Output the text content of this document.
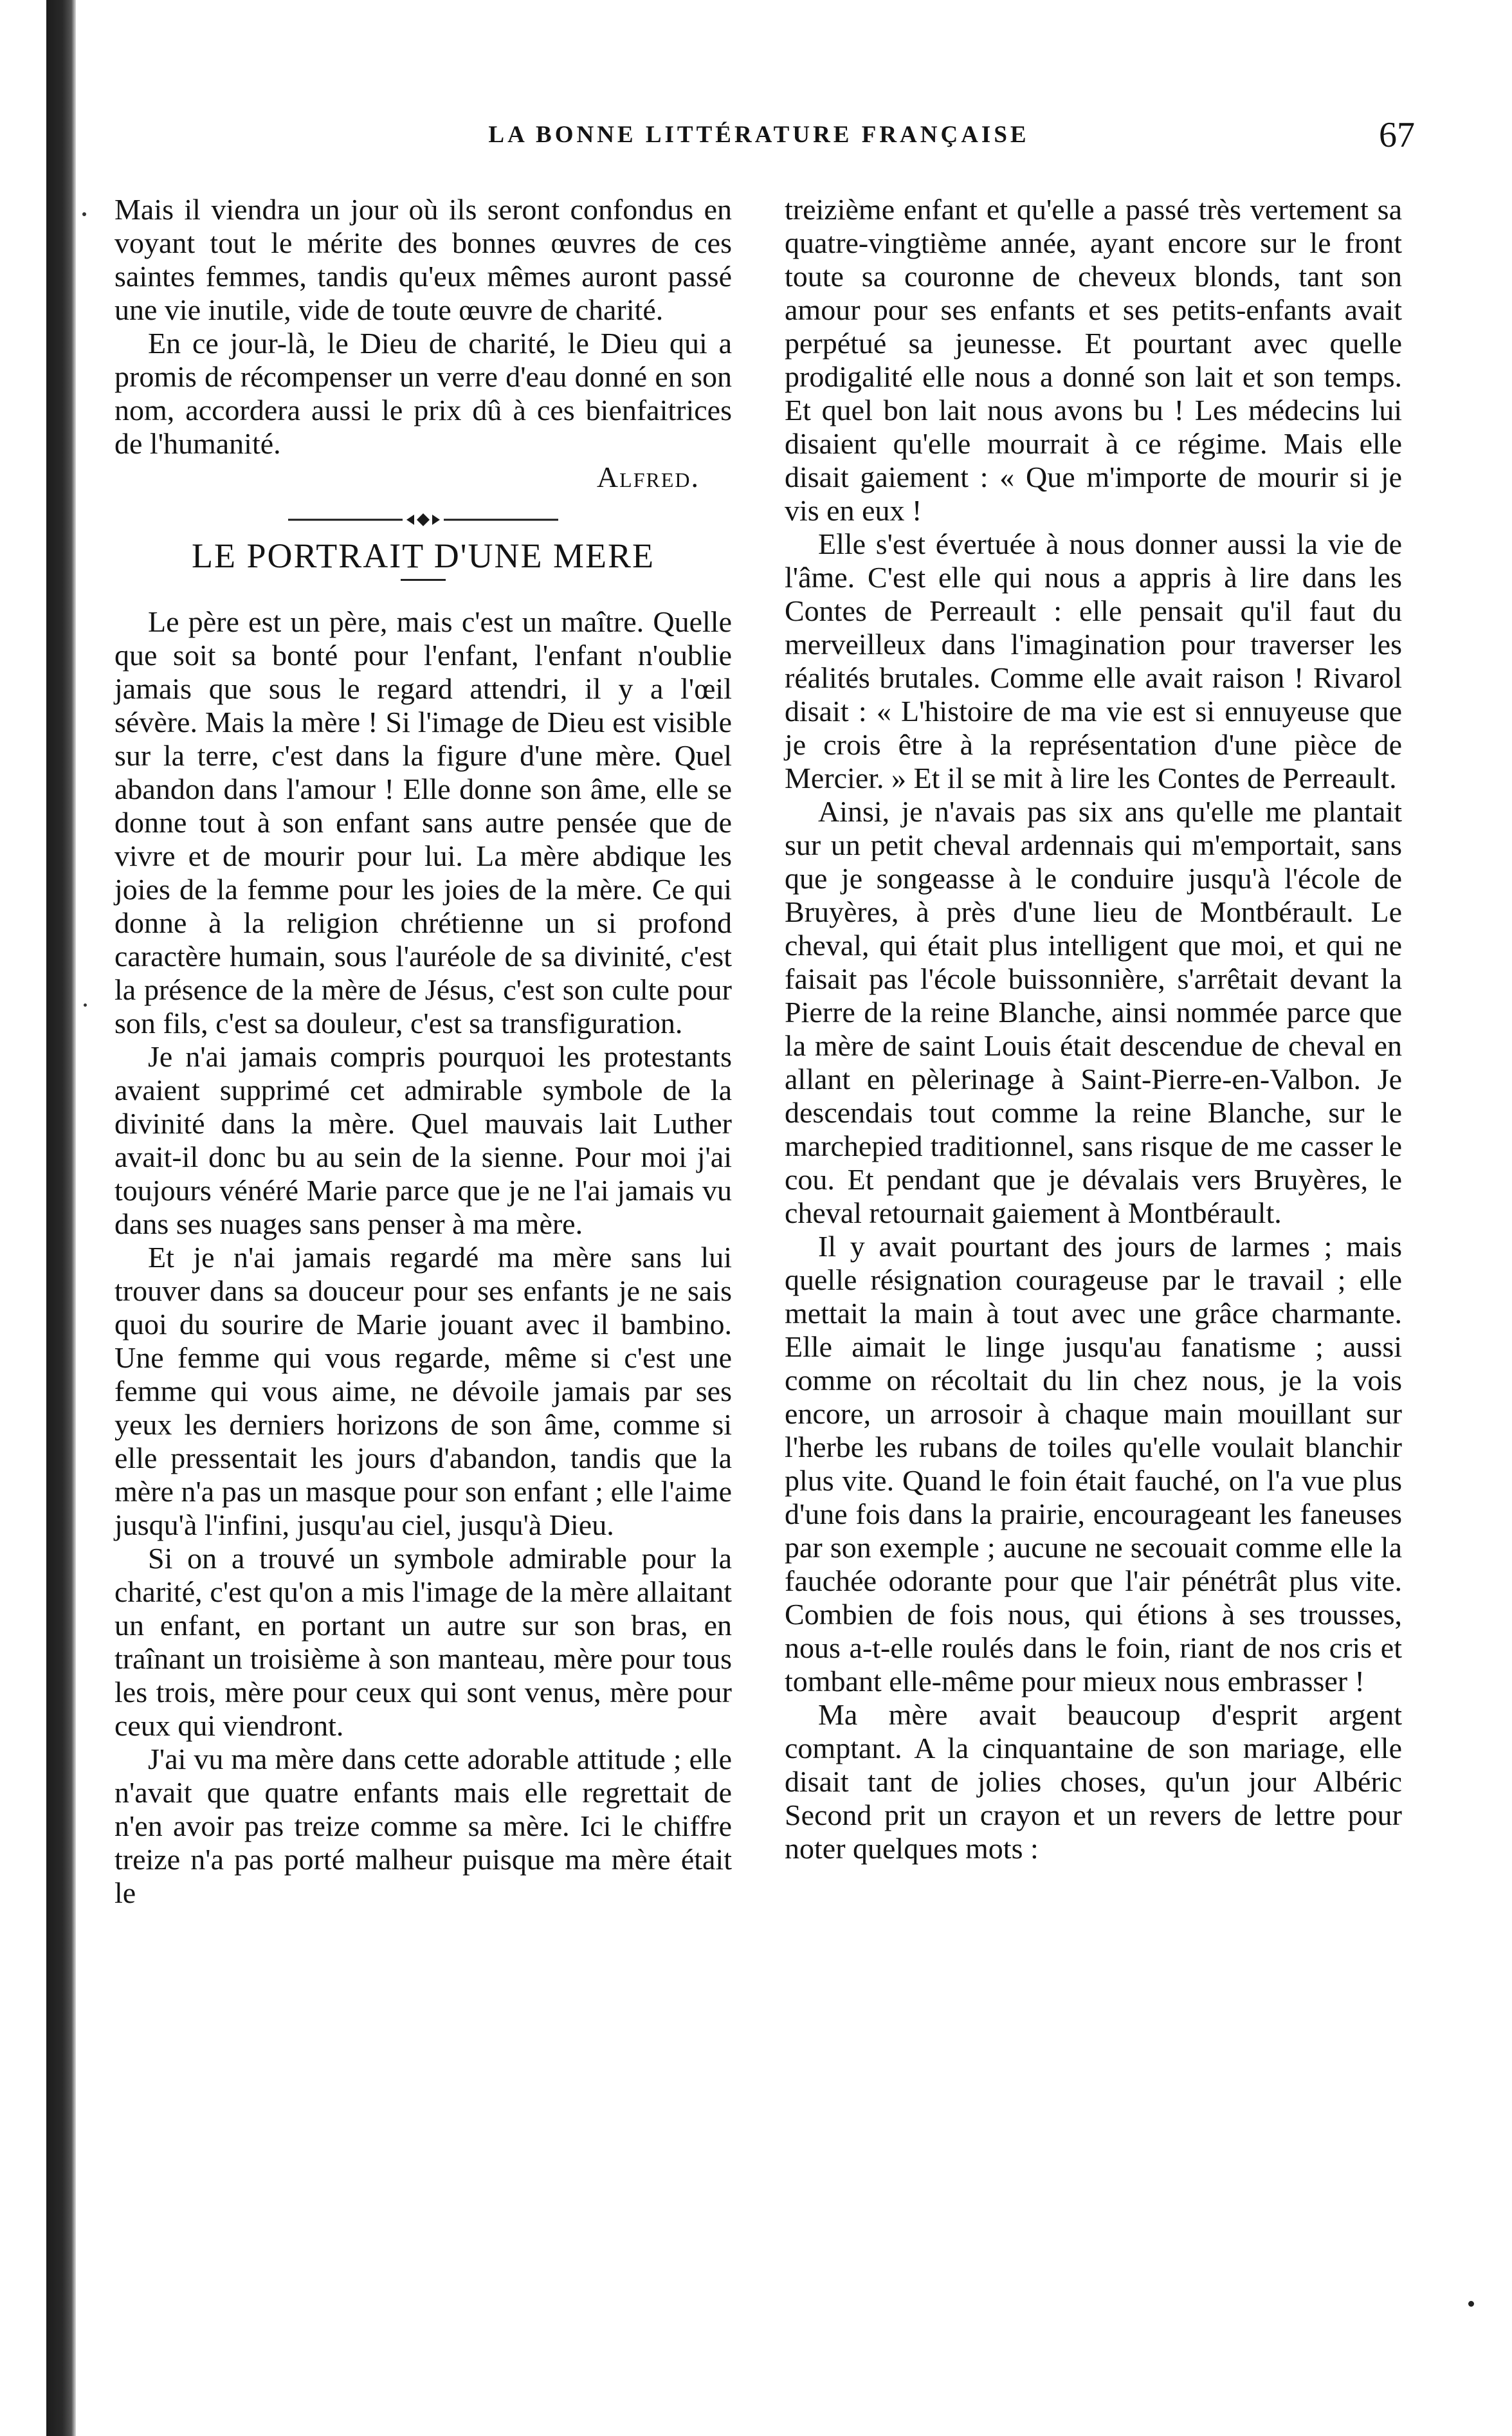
LA BONNE LITTÉRATURE FRANÇAISE	67

Mais il viendra un jour où ils seront confondus en voyant tout le mérite des bonnes œuvres de ces saintes femmes, tandis qu'eux mêmes auront passé une vie inutile, vide de toute œuvre de charité.

En ce jour-là, le Dieu de charité, le Dieu qui a promis de récompenser un verre d'eau donné en son nom, accordera aussi le prix dû à ces bienfaitrices de l'humanité.

Alfred.

LE PORTRAIT D'UNE MERE

Le père est un père, mais c'est un maître. Quelle que soit sa bonté pour l'enfant, l'enfant n'oublie jamais que sous le regard attendri, il y a l'œil sévère. Mais la mère ! Si l'image de Dieu est visible sur la terre, c'est dans la figure d'une mère. Quel abandon dans l'amour ! Elle donne son âme, elle se donne tout à son enfant sans autre pensée que de vivre et de mourir pour lui. La mère abdique les joies de la femme pour les joies de la mère. Ce qui donne à la religion chrétienne un si profond caractère humain, sous l'auréole de sa divinité, c'est la présence de la mère de Jésus, c'est son culte pour son fils, c'est sa douleur, c'est sa transfiguration.

Je n'ai jamais compris pourquoi les protestants avaient supprimé cet admirable symbole de la divinité dans la mère. Quel mauvais lait Luther avait-il donc bu au sein de la sienne. Pour moi j'ai toujours vénéré Marie parce que je ne l'ai jamais vu dans ses nuages sans penser à ma mère.

Et je n'ai jamais regardé ma mère sans lui trouver dans sa douceur pour ses enfants je ne sais quoi du sourire de Marie jouant avec il bambino. Une femme qui vous regarde, même si c'est une femme qui vous aime, ne dévoile jamais par ses yeux les derniers horizons de son âme, comme si elle pressentait les jours d'abandon, tandis que la mère n'a pas un masque pour son enfant ; elle l'aime jusqu'à l'infini, jusqu'au ciel, jusqu'à Dieu.

Si on a trouvé un symbole admirable pour la charité, c'est qu'on a mis l'image de la mère allaitant un enfant, en portant un autre sur son bras, en traînant un troisième à son manteau, mère pour tous les trois, mère pour ceux qui sont venus, mère pour ceux qui viendront.

J'ai vu ma mère dans cette adorable attitude ; elle n'avait que quatre enfants mais elle regrettait de n'en avoir pas treize comme sa mère. Ici le chiffre treize n'a pas porté malheur puisque ma mère était le

treizième enfant et qu'elle a passé très vertement sa quatre-vingtième année, ayant encore sur le front toute sa couronne de cheveux blonds, tant son amour pour ses enfants et ses petits-enfants avait perpétué sa jeunesse. Et pourtant avec quelle prodigalité elle nous a donné son lait et son temps. Et quel bon lait nous avons bu ! Les médecins lui disaient qu'elle mourrait à ce régime. Mais elle disait gaiement : « Que m'importe de mourir si je vis en eux !

Elle s'est évertuée à nous donner aussi la vie de l'âme. C'est elle qui nous a appris à lire dans les Contes de Perreault : elle pensait qu'il faut du merveilleux dans l'imagination pour traverser les réalités brutales. Comme elle avait raison ! Rivarol disait : « L'histoire de ma vie est si ennuyeuse que je crois être à la représentation d'une pièce de Mercier. » Et il se mit à lire les Contes de Perreault.

Ainsi, je n'avais pas six ans qu'elle me plantait sur un petit cheval ardennais qui m'emportait, sans que je songeasse à le conduire jusqu'à l'école de Bruyères, à près d'une lieu de Montbérault. Le cheval, qui était plus intelligent que moi, et qui ne faisait pas l'école buissonnière, s'arrêtait devant la Pierre de la reine Blanche, ainsi nommée parce que la mère de saint Louis était descendue de cheval en allant en pèlerinage à Saint-Pierre-en-Valbon. Je descendais tout comme la reine Blanche, sur le marchepied traditionnel, sans risque de me casser le cou. Et pendant que je dévalais vers Bruyères, le cheval retournait gaiement à Montbérault.

Il y avait pourtant des jours de larmes ; mais quelle résignation courageuse par le travail ; elle mettait la main à tout avec une grâce charmante. Elle aimait le linge jusqu'au fanatisme ; aussi comme on récoltait du lin chez nous, je la vois encore, un arrosoir à chaque main mouillant sur l'herbe les rubans de toiles qu'elle voulait blanchir plus vite. Quand le foin était fauché, on l'a vue plus d'une fois dans la prairie, encourageant les faneuses par son exemple ; aucune ne secouait comme elle la fauchée odorante pour que l'air pénétrât plus vite. Combien de fois nous, qui étions à ses trousses, nous a-t-elle roulés dans le foin, riant de nos cris et tombant elle-même pour mieux nous embrasser !

Ma mère avait beaucoup d'esprit argent comptant. A la cinquantaine de son mariage, elle disait tant de jolies choses, qu'un jour Albéric Second prit un crayon et un revers de lettre pour noter quelques mots :
